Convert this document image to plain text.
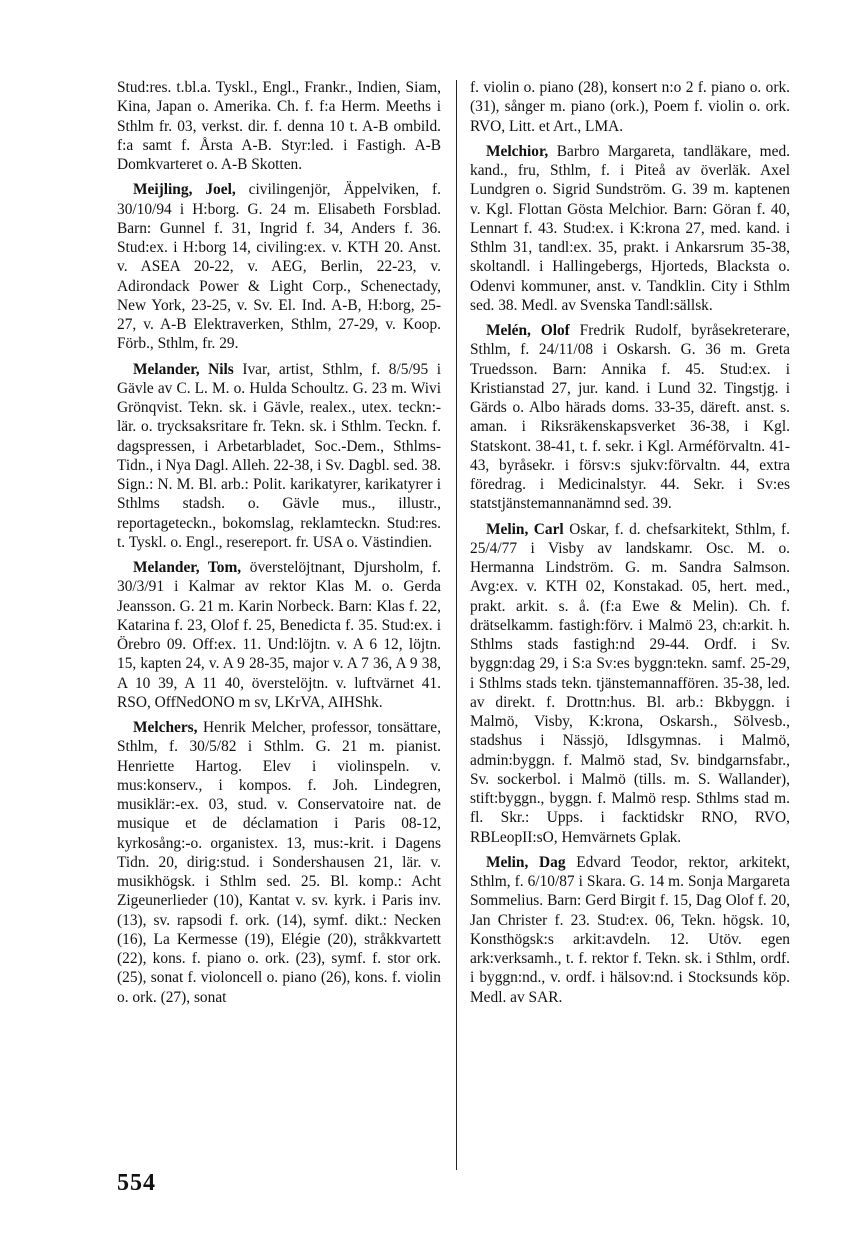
Stud:res. t.bl.a. Tyskl., Engl., Frankr., Indien, Siam, Kina, Japan o. Amerika. Ch. f. f:a Herm. Meeths i Sthlm fr. 03, verkst. dir. f. denna 10 t. A-B ombild. f:a samt f. Årsta A-B. Styr:led. i Fastigh. A-B Domkvarteret o. A-B Skotten.

Meijling, Joel, civilingenjör, Äppelviken, f. 30/10/94 i H:borg. G. 24 m. Elisabeth Forsblad. Barn: Gunnel f. 31, Ingrid f. 34, Anders f. 36. Stud:ex. i H:borg 14, civiling:ex. v. KTH 20. Anst. v. ASEA 20-22, v. AEG, Berlin, 22-23, v. Adirondack Power & Light Corp., Schenectady, New York, 23-25, v. Sv. El. Ind. A-B, H:borg, 25-27, v. A-B Elektraverken, Sthlm, 27-29, v. Koop. Förb., Sthlm, fr. 29.

Melander, Nils Ivar, artist, Sthlm, f. 8/5/95 i Gävle av C. L. M. o. Hulda Schoultz. G. 23 m. Wivi Grönqvist. Tekn. sk. i Gävle, realex., utex. teckn:-lär. o. trycksaksritare fr. Tekn. sk. i Sthlm. Teckn. f. dagspressen, i Arbetarbladet, Soc.-Dem., Sthlms-Tidn., i Nya Dagl. Alleh. 22-38, i Sv. Dagbl. sed. 38. Sign.: N. M. Bl. arb.: Polit. karikatyrer, karikatyrer i Sthlms stadsh. o. Gävle mus., illustr., reportageteckn., bokomslag, reklamteckn. Stud:res. t. Tyskl. o. Engl., resereport. fr. USA o. Västindien.

Melander, Tom, överstelöjtnant, Djursholm, f. 30/3/91 i Kalmar av rektor Klas M. o. Gerda Jeansson. G. 21 m. Karin Norbeck. Barn: Klas f. 22, Katarina f. 23, Olof f. 25, Benedicta f. 35. Stud:ex. i Örebro 09. Off:ex. 11. Und:löjtn. v. A 6 12, löjtn. 15, kapten 24, v. A 9 28-35, major v. A 7 36, A 9 38, A 10 39, A 11 40, överstelöjtn. v. luftvärnet 41. RSO, OffNedONO m sv, LKrVA, AIHShk.

Melchers, Henrik Melcher, professor, tonsättare, Sthlm, f. 30/5/82 i Sthlm. G. 21 m. pianist. Henriette Hartog. Elev i violinspeln. v. mus:konserv., i kompos. f. Joh. Lindegren, musiklär:-ex. 03, stud. v. Conservatoire nat. de musique et de déclamation i Paris 08-12, kyrkosång:-o. organistex. 13, mus:-krit. i Dagens Tidn. 20, dirig:stud. i Sondershausen 21, lär. v. musikhögsk. i Sthlm sed. 25. Bl. komp.: Acht Zigeunerlieder (10), Kantat v. sv. kyrk. i Paris inv. (13), sv. rapsodi f. ork. (14), symf. dikt.: Necken (16), La Kermesse (19), Elégie (20), stråkkvartett (22), kons. f. piano o. ork. (23), symf. f. stor ork. (25), sonat f. violoncell o. piano (26), kons. f. violin o. ork. (27), sonat

f. violin o. piano (28), konsert n:o 2 f. piano o. ork. (31), sånger m. piano (ork.), Poem f. violin o. ork. RVO, Litt. et Art., LMA.

Melchior, Barbro Margareta, tandläkare, med. kand., fru, Sthlm, f. i Piteå av överläk. Axel Lundgren o. Sigrid Sundström. G. 39 m. kaptenen v. Kgl. Flottan Gösta Melchior. Barn: Göran f. 40, Lennart f. 43. Stud:ex. i K:krona 27, med. kand. i Sthlm 31, tandl:ex. 35, prakt. i Ankarsrum 35-38, skoltandl. i Hallingebergs, Hjorteds, Blacksta o. Odenvi kommuner, anst. v. Tandklin. City i Sthlm sed. 38. Medl. av Svenska Tandl:sällsk.

Melén, Olof Fredrik Rudolf, byråsekreterare, Sthlm, f. 24/11/08 i Oskarsh. G. 36 m. Greta Truedsson. Barn: Annika f. 45. Stud:ex. i Kristianstad 27, jur. kand. i Lund 32. Tingstjg. i Gärds o. Albo härads doms. 33-35, däreft. anst. s. aman. i Riksräkenskapsverket 36-38, i Kgl. Statskont. 38-41, t. f. sekr. i Kgl. Arméförvaltn. 41-43, byråsekr. i försv:s sjukv:förvaltn. 44, extra föredrag. i Medicinalstyr. 44. Sekr. i Sv:es statstjänstemannanämnd sed. 39.

Melin, Carl Oskar, f. d. chefsarkitekt, Sthlm, f. 25/4/77 i Visby av landskamr. Osc. M. o. Hermanna Lindström. G. m. Sandra Salmson. Avg:ex. v. KTH 02, Konstakad. 05, hert. med., prakt. arkit. s. å. (f:a Ewe & Melin). Ch. f. drätselkamm. fastigh:förv. i Malmö 23, ch:arkit. h. Sthlms stads fastigh:nd 29-44. Ordf. i Sv. byggn:dag 29, i S:a Sv:es byggn:tekn. samf. 25-29, i Sthlms stads tekn. tjänstemannaffören. 35-38, led. av direkt. f. Drottn:hus. Bl. arb.: Bkbyggn. i Malmö, Visby, K:krona, Oskarsh., Sölvesb., stadshus i Nässjö, Idlsgymnas. i Malmö, admin:byggn. f. Malmö stad, Sv. bindgarnsfabr., Sv. sockerbol. i Malmö (tills. m. S. Wallander), stift:byggn., byggn. f. Malmö resp. Sthlms stad m. fl. Skr.: Upps. i facktidskr RNO, RVO, RBLeopII:sO, Hemvärnets Gplak.

Melin, Dag Edvard Teodor, rektor, arkitekt, Sthlm, f. 6/10/87 i Skara. G. 14 m. Sonja Margareta Sommelius. Barn: Gerd Birgit f. 15, Dag Olof f. 20, Jan Christer f. 23. Stud:ex. 06, Tekn. högsk. 10, Konsthögsk:s arkit:avdeln. 12. Utöv. egen ark:verksamh., t. f. rektor f. Tekn. sk. i Sthlm, ordf. i byggn:nd., v. ordf. i hälsov:nd. i Stocksunds köp. Medl. av SAR.

554
